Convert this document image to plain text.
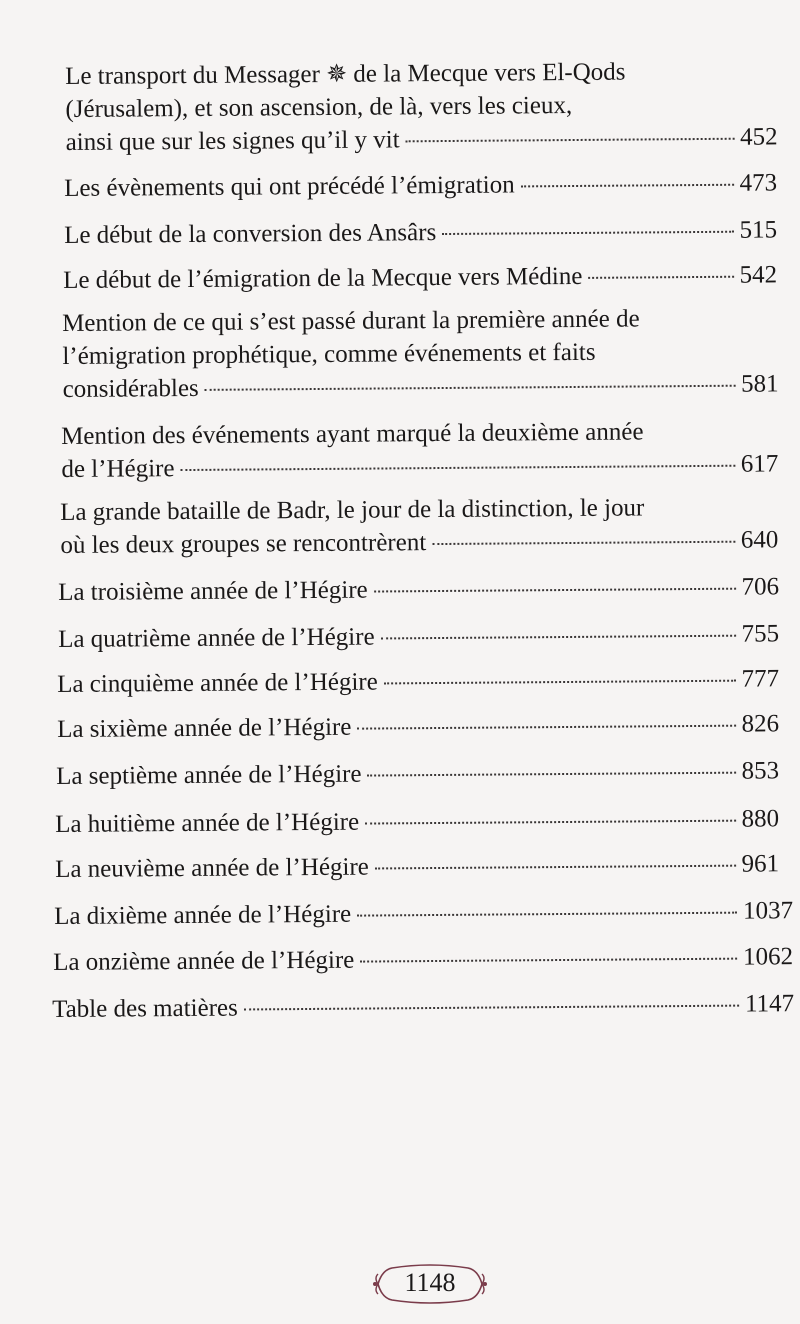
Le transport du Messager ✵ de la Mecque vers El-Qods
(Jérusalem), et son ascension, de là, vers les cieux,
ainsi que sur les signes qu’il y vit	452
Les évènements qui ont précédé l’émigration	473
Le début de la conversion des Ansârs	515
Le début de l’émigration de la Mecque vers Médine	542
Mention de ce qui s’est passé durant la première année de
l’émigration prophétique, comme événements et faits
considérables	581
Mention des événements ayant marqué la deuxième année
de l’Hégire	617
La grande bataille de Badr, le jour de la distinction, le jour
où les deux groupes se rencontrèrent	640
La troisième année de l’Hégire	706
La quatrième année de l’Hégire	755
La cinquième année de l’Hégire	777
La sixième année de l’Hégire	826
La septième année de l’Hégire	853
La huitième année de l’Hégire	880
La neuvième année de l’Hégire	961
La dixième année de l’Hégire	1037
La onzième année de l’Hégire	1062
Table des matières	1147
1148
